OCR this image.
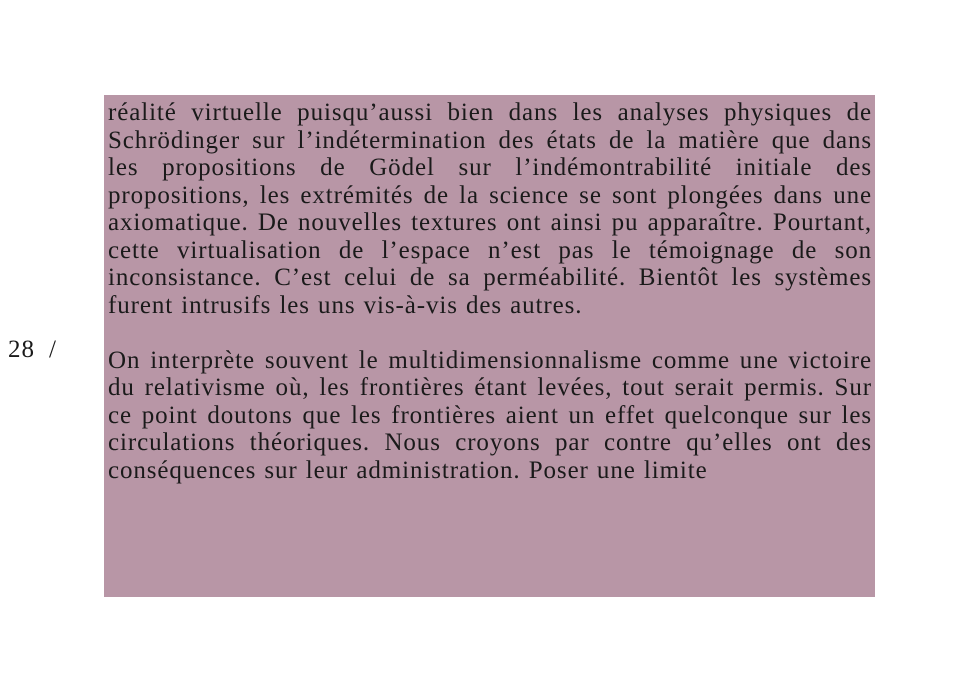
28 /

réalité virtuelle puisqu’aussi bien dans les analyses physiques de Schrödinger sur l’indétermination des états de la matière que dans les propositions de Gödel sur l’indémontrabilité initiale des propositions, les extrémités de la science se sont plongées dans une axiomatique. De nouvelles textures ont ainsi pu apparaître. Pourtant, cette virtualisation de l’espace n’est pas le témoignage de son inconsistance. C’est celui de sa perméabilité. Bientôt les systèmes furent intrusifs les uns vis-à-vis des autres.

On interprète souvent le multidimensionnalisme comme une victoire du relativisme où, les frontières étant levées, tout serait permis. Sur ce point doutons que les frontières aient un effet quelconque sur les circulations théoriques. Nous croyons par contre qu’elles ont des conséquences sur leur administration. Poser une limite
